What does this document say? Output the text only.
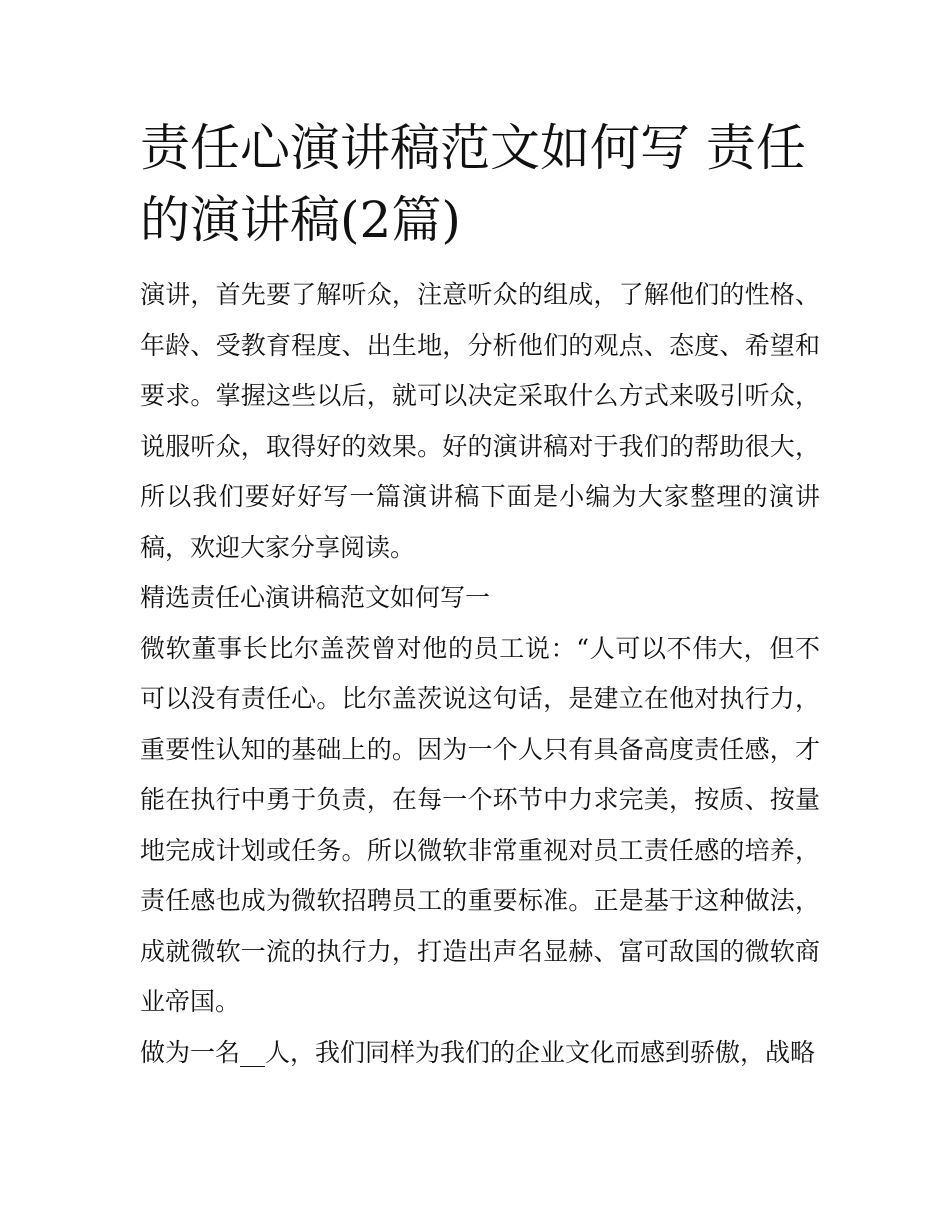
责任心演讲稿范文如何写 责任的演讲稿(2篇)

演讲，首先要了解听众，注意听众的组成，了解他们的性格、年龄、受教育程度、出生地，分析他们的观点、态度、希望和要求。掌握这些以后，就可以决定采取什么方式来吸引听众，说服听众，取得好的效果。好的演讲稿对于我们的帮助很大，所以我们要好好写一篇演讲稿下面是小编为大家整理的演讲稿，欢迎大家分享阅读。

精选责任心演讲稿范文如何写一

微软董事长比尔盖茨曾对他的员工说：“人可以不伟大，但不可以没有责任心。比尔盖茨说这句话，是建立在他对执行力，重要性认知的基础上的。因为一个人只有具备高度责任感，才能在执行中勇于负责，在每一个环节中力求完美，按质、按量地完成计划或任务。所以微软非常重视对员工责任感的培养，责任感也成为微软招聘员工的重要标准。正是基于这种做法，成就微软一流的执行力，打造出声名显赫、富可敌国的微软商业帝国。

做为一名__人，我们同样为我们的企业文化而感到骄傲，战略
